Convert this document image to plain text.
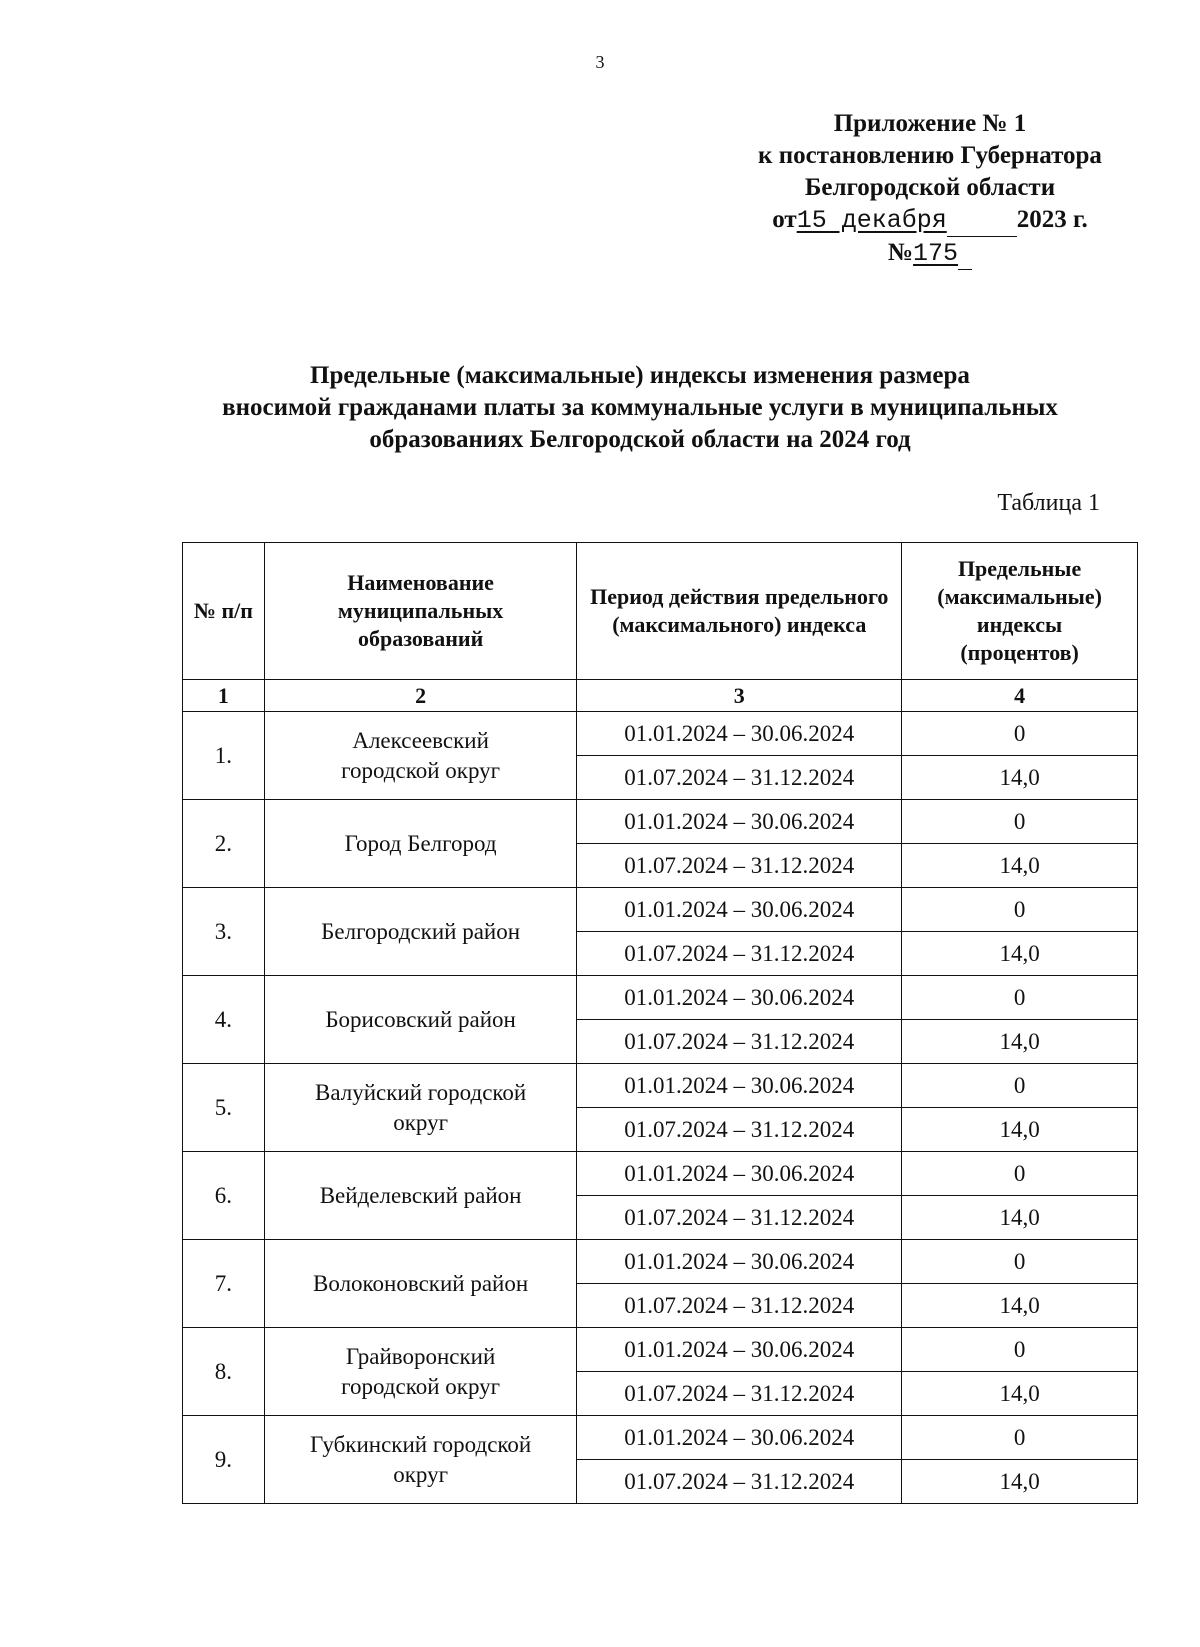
3
Приложение № 1
к постановлению Губернатора
Белгородской области
от15 декабря	2023 г.
№175
Предельные (максимальные) индексы изменения размера
вносимой гражданами платы за коммунальные услуги в муниципальных
образованиях Белгородской области на 2024 год
Таблица 1
№ п/п	Наименование муниципальных образований	Период действия предельного (максимального) индекса	Предельные (максимальные) индексы (процентов)

1	2	3	4
1.	Алексеевский городской округ	01.01.2024 – 30.06.2024	0
		01.07.2024 – 31.12.2024	14,0
2.	Город Белгород	01.01.2024 – 30.06.2024	0
		01.07.2024 – 31.12.2024	14,0
3.	Белгородский район	01.01.2024 – 30.06.2024	0
		01.07.2024 – 31.12.2024	14,0
4.	Борисовский район	01.01.2024 – 30.06.2024	0
		01.07.2024 – 31.12.2024	14,0
5.	Валуйский городской округ	01.01.2024 – 30.06.2024	0
		01.07.2024 – 31.12.2024	14,0
6.	Вейделевский район	01.01.2024 – 30.06.2024	0
		01.07.2024 – 31.12.2024	14,0
7.	Волоконовский район	01.01.2024 – 30.06.2024	0
		01.07.2024 – 31.12.2024	14,0
8.	Грайворонский городской округ	01.01.2024 – 30.06.2024	0
		01.07.2024 – 31.12.2024	14,0
9.	Губкинский городской округ	01.01.2024 – 30.06.2024	0
		01.07.2024 – 31.12.2024	14,0
